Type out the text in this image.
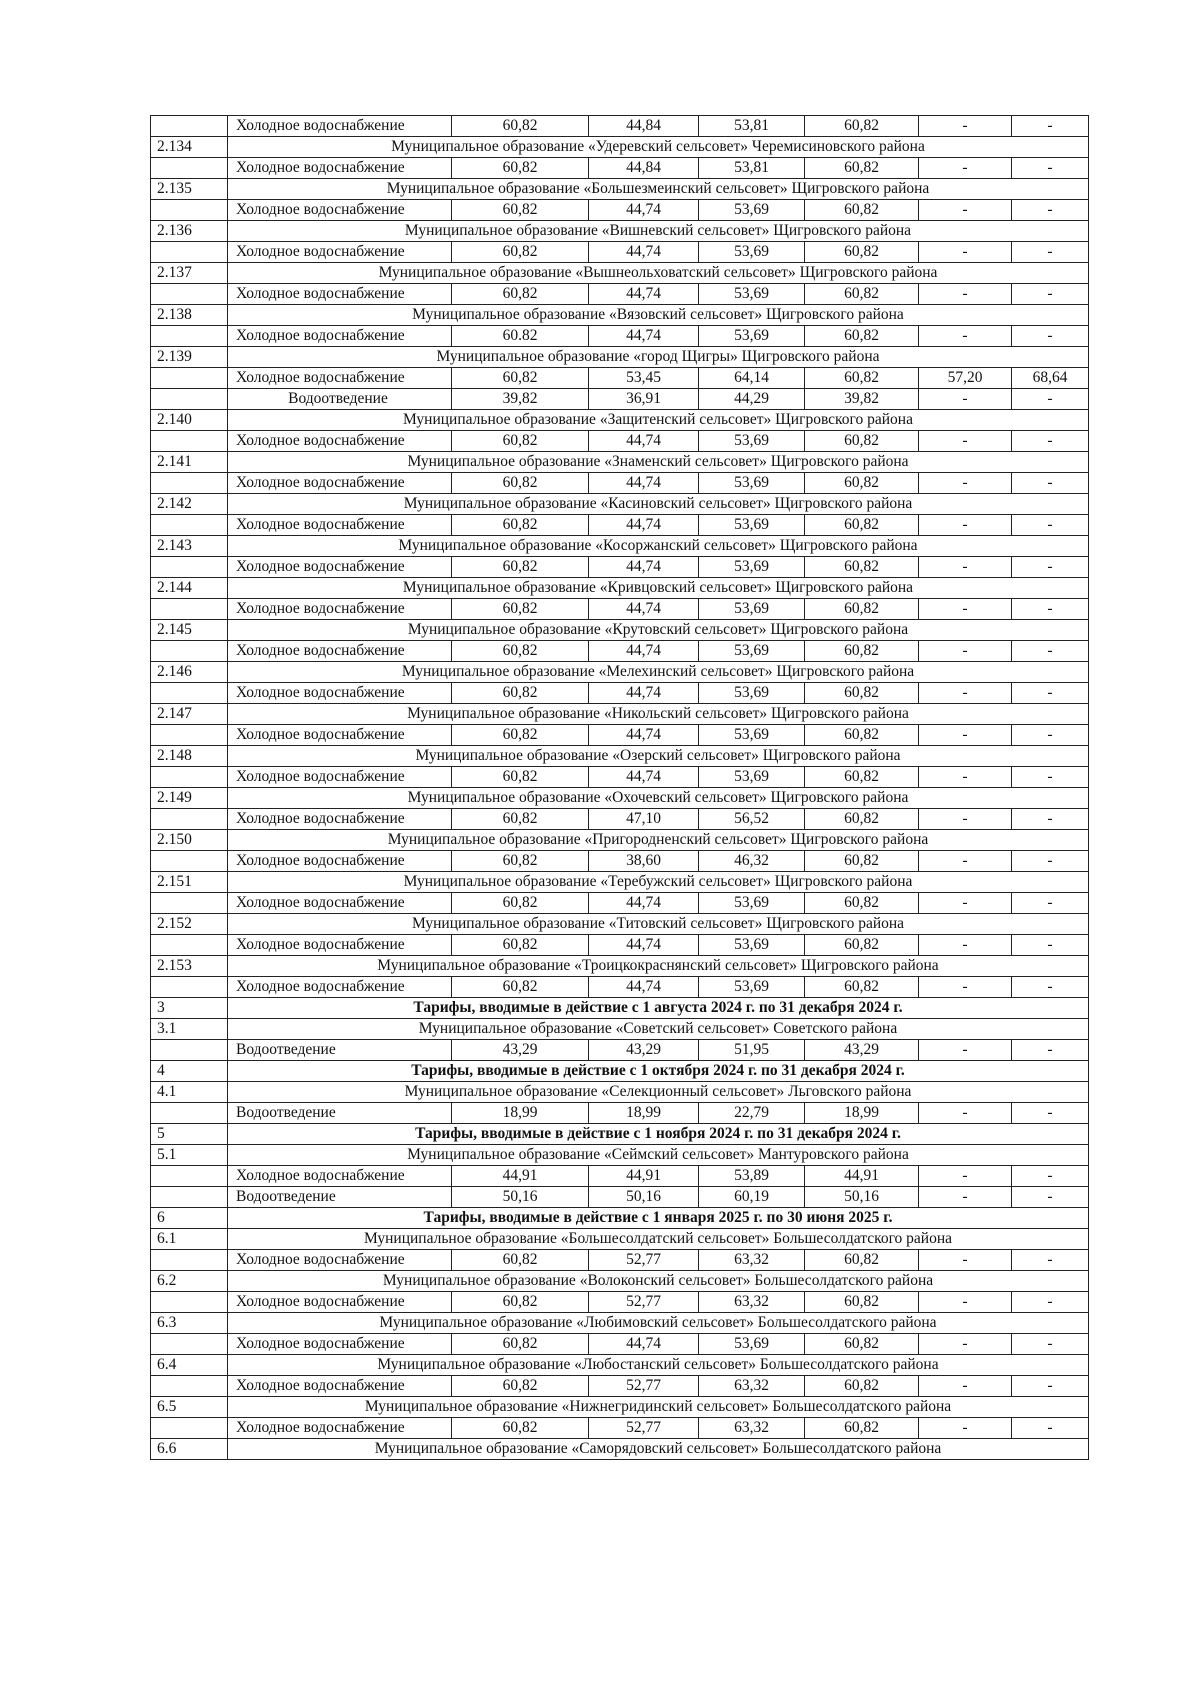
	Холодное водоснабжение	60,82	44,84	53,81	60,82	-	-
2.134	Муниципальное образование «Удеревский сельсовет» Черемисиновского района						
	Холодное водоснабжение	60,82	44,84	53,81	60,82	-	-
2.135	Муниципальное образование «Большезмеинский сельсовет» Щигровского района						
	Холодное водоснабжение	60,82	44,74	53,69	60,82	-	-
2.136	Муниципальное образование «Вишневский сельсовет» Щигровского района						
	Холодное водоснабжение	60,82	44,74	53,69	60,82	-	-
2.137	Муниципальное образование «Вышнеольховатский сельсовет» Щигровского района						
	Холодное водоснабжение	60,82	44,74	53,69	60,82	-	-
2.138	Муниципальное образование «Вязовский сельсовет» Щигровского района						
	Холодное водоснабжение	60.82	44,74	53,69	60,82	-	-
2.139	Муниципальное образование «город Щигры» Щигровского района						
	Холодное водоснабжение	60,82	53,45	64,14	60,82	57,20	68,64
	Водоотведение	39,82	36,91	44,29	39,82	-	-
2.140	Муниципальное образование «Защитенский сельсовет» Щигровского района						
	Холодное водоснабжение	60,82	44,74	53,69	60,82	-	-
2.141	Муниципальное образование «Знаменский сельсовет» Щигровского района						
	Холодное водоснабжение	60,82	44,74	53,69	60,82	-	-
2.142	Муниципальное образование «Касиновский сельсовет» Щигровского района						
	Холодное водоснабжение	60,82	44,74	53,69	60,82	-	-
2.143	Муниципальное образование «Косоржанский сельсовет» Щигровского района						
	Холодное водоснабжение	60,82	44,74	53,69	60,82	-	-
2.144	Муниципальное образование «Кривцовский сельсовет» Щигровского района						
	Холодное водоснабжение	60,82	44,74	53,69	60,82	-	-
2.145	Муниципальное образование «Крутовский сельсовет» Щигровского района						
	Холодное водоснабжение	60,82	44,74	53,69	60,82	-	-
2.146	Муниципальное образование «Мелехинский сельсовет» Щигровского района						
	Холодное водоснабжение	60,82	44,74	53,69	60,82	-	-
2.147	Муниципальное образование «Никольский сельсовет» Щигровского района						
	Холодное водоснабжение	60,82	44,74	53,69	60,82	-	-
2.148	Муниципальное образование «Озерский сельсовет» Щигровского района						
	Холодное водоснабжение	60,82	44,74	53,69	60,82	-	-
2.149	Муниципальное образование «Охочевский сельсовет» Щигровского района						
	Холодное водоснабжение	60,82	47,10	56,52	60,82	-	-
2.150	Муниципальное образование «Пригородненский сельсовет» Щигровского района						
	Холодное водоснабжение	60,82	38,60	46,32	60,82	-	-
2.151	Муниципальное образование «Теребужский сельсовет» Щигровского района						
	Холодное водоснабжение	60,82	44,74	53,69	60,82	-	-
2.152	Муниципальное образование «Титовский сельсовет» Щигровского района						
	Холодное водоснабжение	60,82	44,74	53,69	60,82	-	-
2.153	Муниципальное образование «Троицкокраснянский сельсовет» Щигровского района						
	Холодное водоснабжение	60,82	44,74	53,69	60,82	-	-
3	Тарифы, вводимые в действие с 1 августа 2024 г. по 31 декабря 2024 г.						
3.1	Муниципальное образование «Советский сельсовет» Советского района						
	Водоотведение	43,29	43,29	51,95	43,29	-	-
4	Тарифы, вводимые в действие с 1 октября 2024 г. по 31 декабря 2024 г.						
4.1	Муниципальное образование «Селекционный сельсовет» Льговского района						
	Водоотведение	18,99	18,99	22,79	18,99	-	-
5	Тарифы, вводимые в действие с 1 ноября 2024 г. по 31 декабря 2024 г.						
5.1	Муниципальное образование «Сеймский сельсовет» Мантуровского района						
	Холодное водоснабжение	44,91	44,91	53,89	44,91	-	-
	Водоотведение	50,16	50,16	60,19	50,16	-	-
6	Тарифы, вводимые в действие с 1 января 2025 г. по 30 июня 2025 г.						
6.1	Муниципальное образование «Большесолдатский сельсовет» Большесолдатского района						
	Холодное водоснабжение	60,82	52,77	63,32	60,82	-	-
6.2	Муниципальное образование «Волоконский сельсовет» Большесолдатского района						
	Холодное водоснабжение	60,82	52,77	63,32	60,82	-	-
6.3	Муниципальное образование «Любимовский сельсовет» Большесолдатского района						
	Холодное водоснабжение	60,82	44,74	53,69	60,82	-	-
6.4	Муниципальное образование «Любостанский сельсовет» Большесолдатского района						
	Холодное водоснабжение	60,82	52,77	63,32	60,82	-	-
6.5	Муниципальное образование «Нижнегридинский сельсовет» Большесолдатского района						
	Холодное водоснабжение	60,82	52,77	63,32	60,82	-	-
6.6	Муниципальное образование «Саморядовский сельсовет» Большесолдатского района						
